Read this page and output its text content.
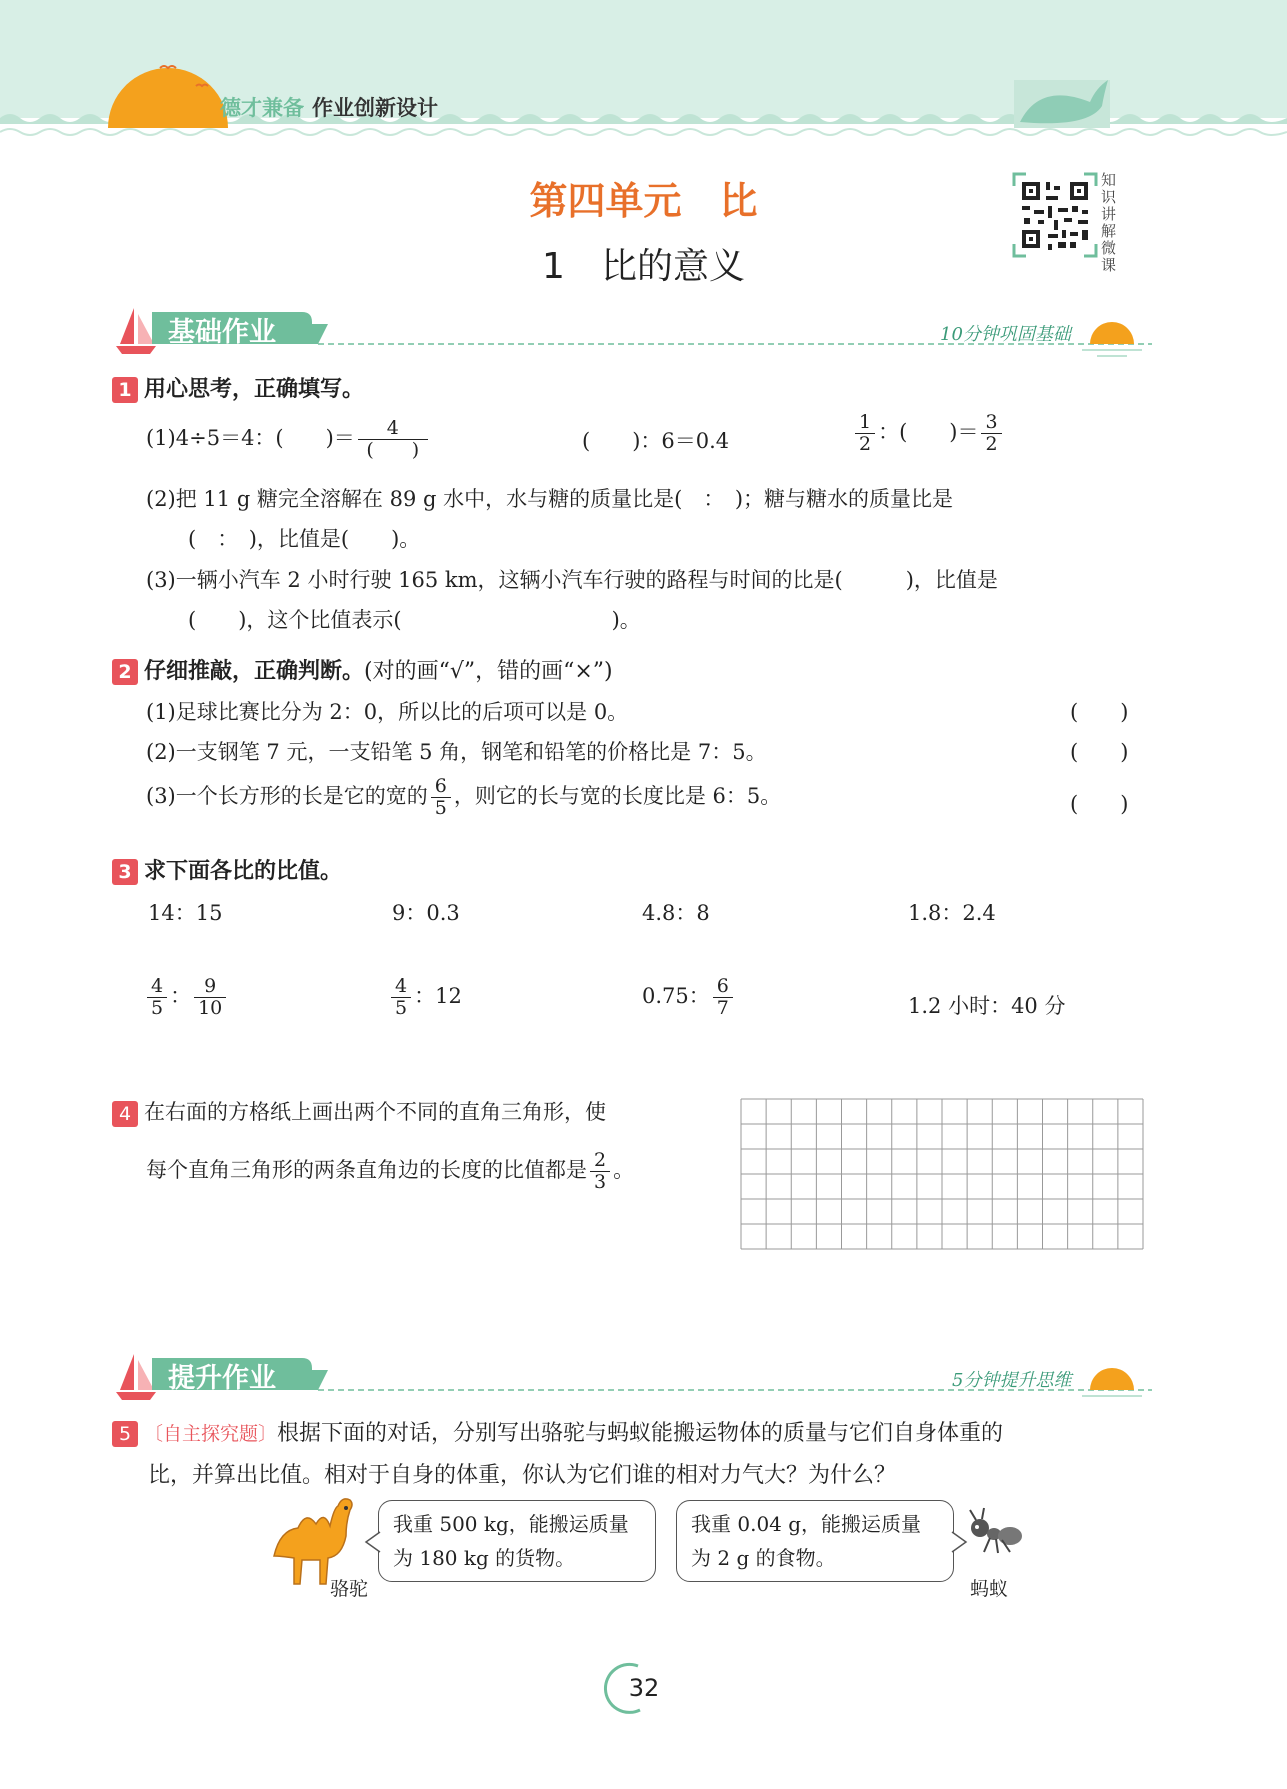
德才兼备 作业创新设计
第四单元　比
1　比的意义
知识讲解微课
基础作业	10分钟巩固基础
1 用心思考，正确填写。
(1)4÷5＝4：(　　)＝ $\frac{4}{( )}$	(　　)：6＝0.4	$\frac{1}{2}$ ：(　　)＝ $\frac{3}{2}$
(2)把 11 g 糖完全溶解在 89 g 水中，水与糖的质量比是(　：　)；糖与糖水的质量比是
(　：　)，比值是(　　)。
(3)一辆小汽车 2 小时行驶 165 km，这辆小汽车行驶的路程与时间的比是(　　　)，比值是
(　　)，这个比值表示(　　　　　　　　　　)。
2 仔细推敲，正确判断。(对的画“√”，错的画“×”)
(1)足球比赛比分为 2：0，所以比的后项可以是 0。	(　　)
(2)一支钢笔 7 元，一支铅笔 5 角，钢笔和铅笔的价格比是 7：5。	(　　)
(3)一个长方形的长是它的宽的 $\frac{6}{5}$ ，则它的长与宽的长度比是 6：5。	(　　)
3 求下面各比的比值。
14：15	9：0.3	4.8：8	1.8：2.4
$\frac{4}{5}$ ： $\frac{9}{10}$	$\frac{4}{5}$ ：12	0.75： $\frac{6}{7}$	1.2 小时：40 分
4 在右面的方格纸上画出两个不同的直角三角形，使
每个直角三角形的两条直角边的长度的比值都是 $\frac{2}{3}$ 。
提升作业	5分钟提升思维
5 〔自主探究题〕根据下面的对话，分别写出骆驼与蚂蚁能搬运物体的质量与它们自身体重的
比，并算出比值。相对于自身的体重，你认为它们谁的相对力气大？为什么？
骆驼
我重 500 kg，能搬运质量
为 180 kg 的货物。
我重 0.04 g，能搬运质量
为 2 g 的食物。
蚂蚁
32
